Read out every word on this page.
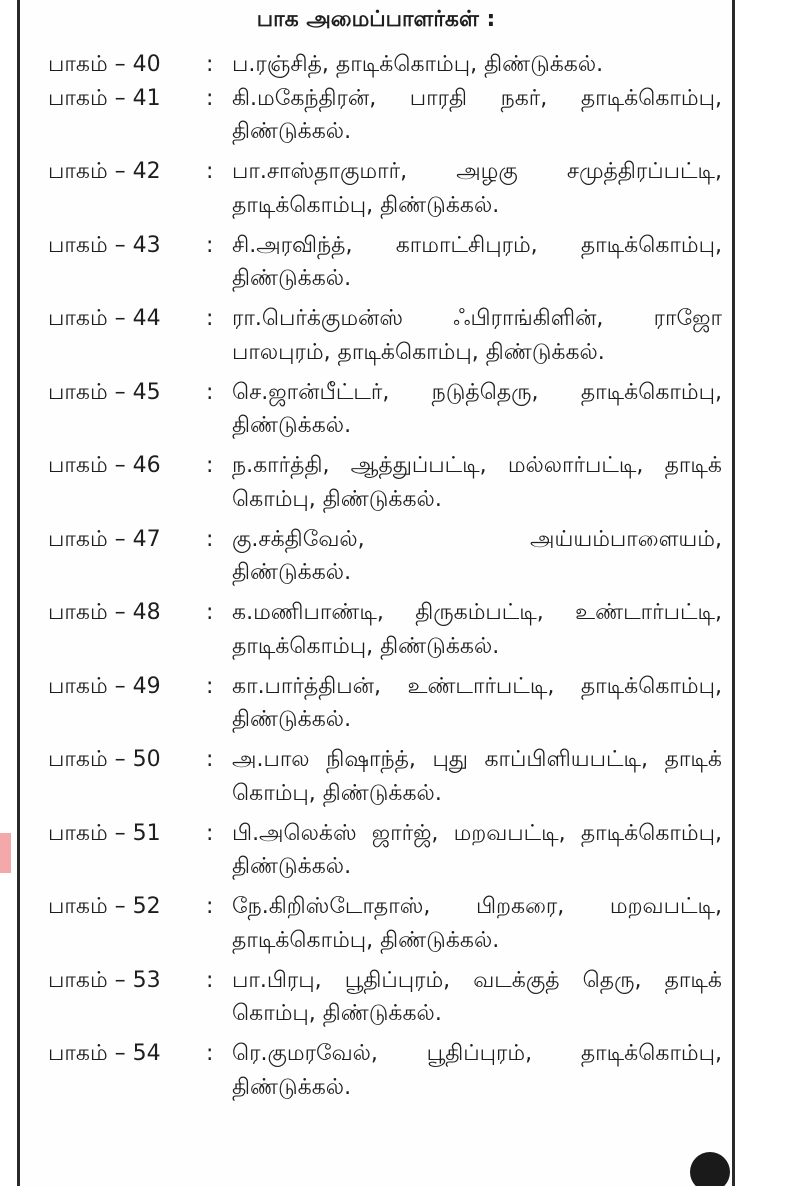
பாக அமைப்பாளர்கள் :
பாகம் – 40	: ப.ரஞ்சித், தாடிக்கொம்பு, திண்டுக்கல்.
பாகம் – 41	: கி.மகேந்திரன், பாரதி நகர், தாடிக்கொம்பு,
திண்டுக்கல்.
பாகம் – 42	: பா.சாஸ்தாகுமார், அழகு சமுத்திரப்பட்டி,
தாடிக்கொம்பு, திண்டுக்கல்.
பாகம் – 43	: சி.அரவிந்த், காமாட்சிபுரம், தாடிக்கொம்பு,
திண்டுக்கல்.
பாகம் – 44	: ரா.பெர்க்குமன்ஸ் ஃபிராங்கிளின், ராஜோ
பாலபுரம், தாடிக்கொம்பு, திண்டுக்கல்.
பாகம் – 45	: செ.ஜான்பீட்டர், நடுத்தெரு, தாடிக்கொம்பு,
திண்டுக்கல்.
பாகம் – 46	: ந.கார்த்தி, ஆத்துப்பட்டி, மல்லார்பட்டி, தாடிக்
கொம்பு, திண்டுக்கல்.
பாகம் – 47	: கு.சக்திவேல், அய்யம்பாளையம்,
திண்டுக்கல்.
பாகம் – 48	: க.மணிபாண்டி, திருகம்பட்டி, உண்டார்பட்டி,
தாடிக்கொம்பு, திண்டுக்கல்.
பாகம் – 49	: கா.பார்த்திபன், உண்டார்பட்டி, தாடிக்கொம்பு,
திண்டுக்கல்.
பாகம் – 50	: அ.பால நிஷாந்த், புது காப்பிளியபட்டி, தாடிக்
கொம்பு, திண்டுக்கல்.
பாகம் – 51	: பி.அலெக்ஸ் ஜார்ஜ், மறவபட்டி, தாடிக்கொம்பு,
திண்டுக்கல்.
பாகம் – 52	: நே.கிறிஸ்டோதாஸ், பிறகரை, மறவபட்டி,
தாடிக்கொம்பு, திண்டுக்கல்.
பாகம் – 53	: பா.பிரபு, பூதிப்புரம், வடக்குத் தெரு, தாடிக்
கொம்பு, திண்டுக்கல்.
பாகம் – 54	: ரெ.குமரவேல், பூதிப்புரம், தாடிக்கொம்பு,
திண்டுக்கல்.
